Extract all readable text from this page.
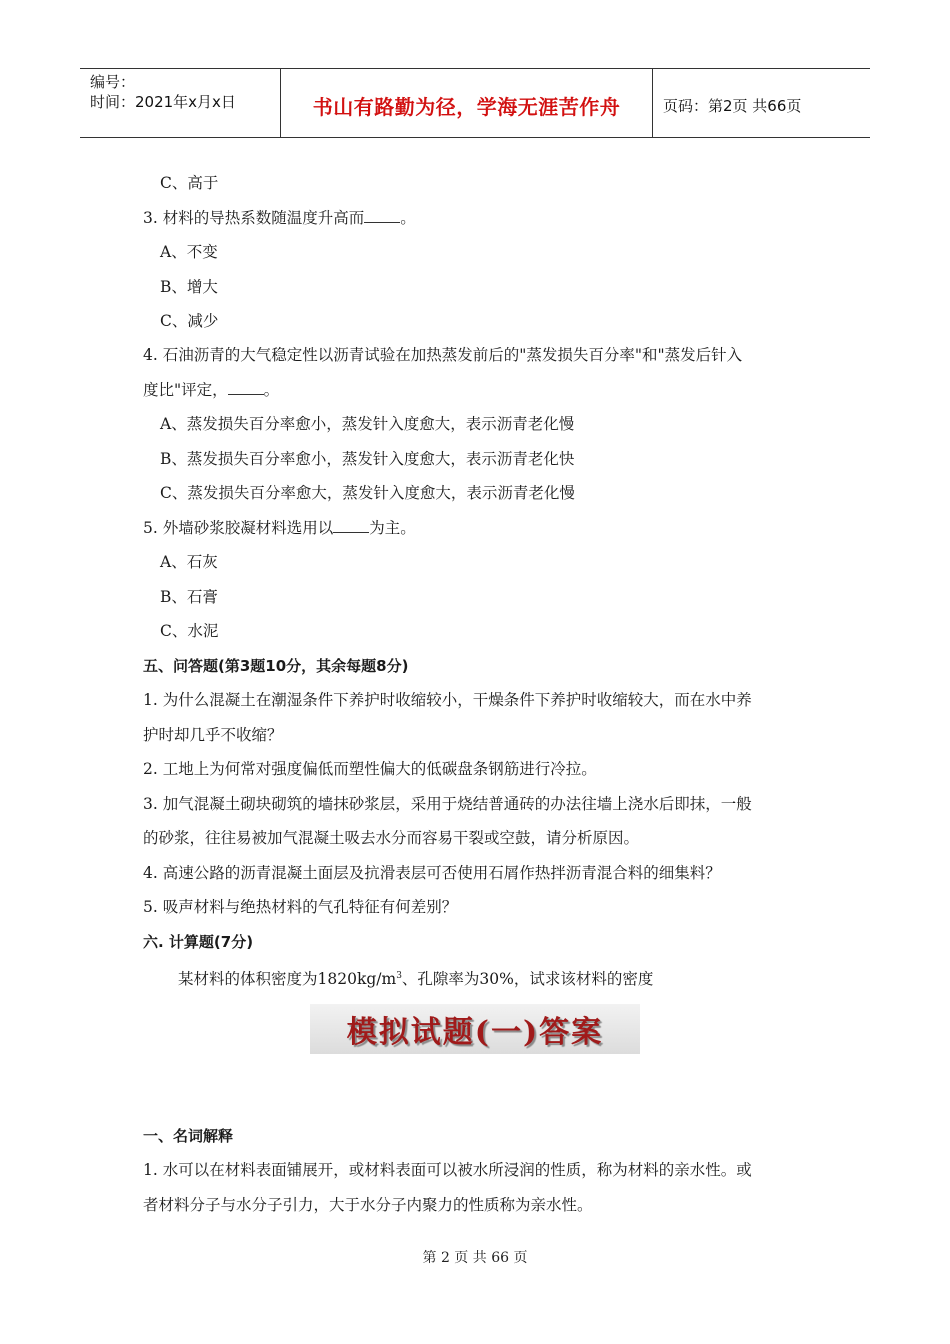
编号：
时间：2021年x月x日	书山有路勤为径，学海无涯苦作舟	页码：第2页 共66页
C、高于
3. 材料的导热系数随温度升高而 。
A、不变
B、增大
C、减少
4. 石油沥青的大气稳定性以沥青试验在加热蒸发前后的"蒸发损失百分率"和"蒸发后针入
度比"评定， 。
A、蒸发损失百分率愈小，蒸发针入度愈大，表示沥青老化慢
B、蒸发损失百分率愈小，蒸发针入度愈大，表示沥青老化快
C、蒸发损失百分率愈大，蒸发针入度愈大，表示沥青老化慢
5. 外墙砂浆胶凝材料选用以 为主。
A、石灰
B、石膏
C、水泥
五、问答题(第3题10分，其余每题8分)
1. 为什么混凝土在潮湿条件下养护时收缩较小，干燥条件下养护时收缩较大，而在水中养
护时却几乎不收缩？
2. 工地上为何常对强度偏低而塑性偏大的低碳盘条钢筋进行冷拉。
3. 加气混凝土砌块砌筑的墙抹砂浆层，采用于烧结普通砖的办法往墙上浇水后即抹，一般
的砂浆，往往易被加气混凝土吸去水分而容易干裂或空鼓，请分析原因。
4. 高速公路的沥青混凝土面层及抗滑表层可否使用石屑作热拌沥青混合料的细集料？
5. 吸声材料与绝热材料的气孔特征有何差别？
六. 计算题(7分)
某材料的体积密度为$1820kg/m^3$、孔隙率为30%，试求该材料的密度
模拟试题(一)答案
一、名词解释
1. 水可以在材料表面铺展开，或材料表面可以被水所浸润的性质，称为材料的亲水性。或
者材料分子与水分子引力，大于水分子内聚力的性质称为亲水性。
第 2 页 共 66 页
